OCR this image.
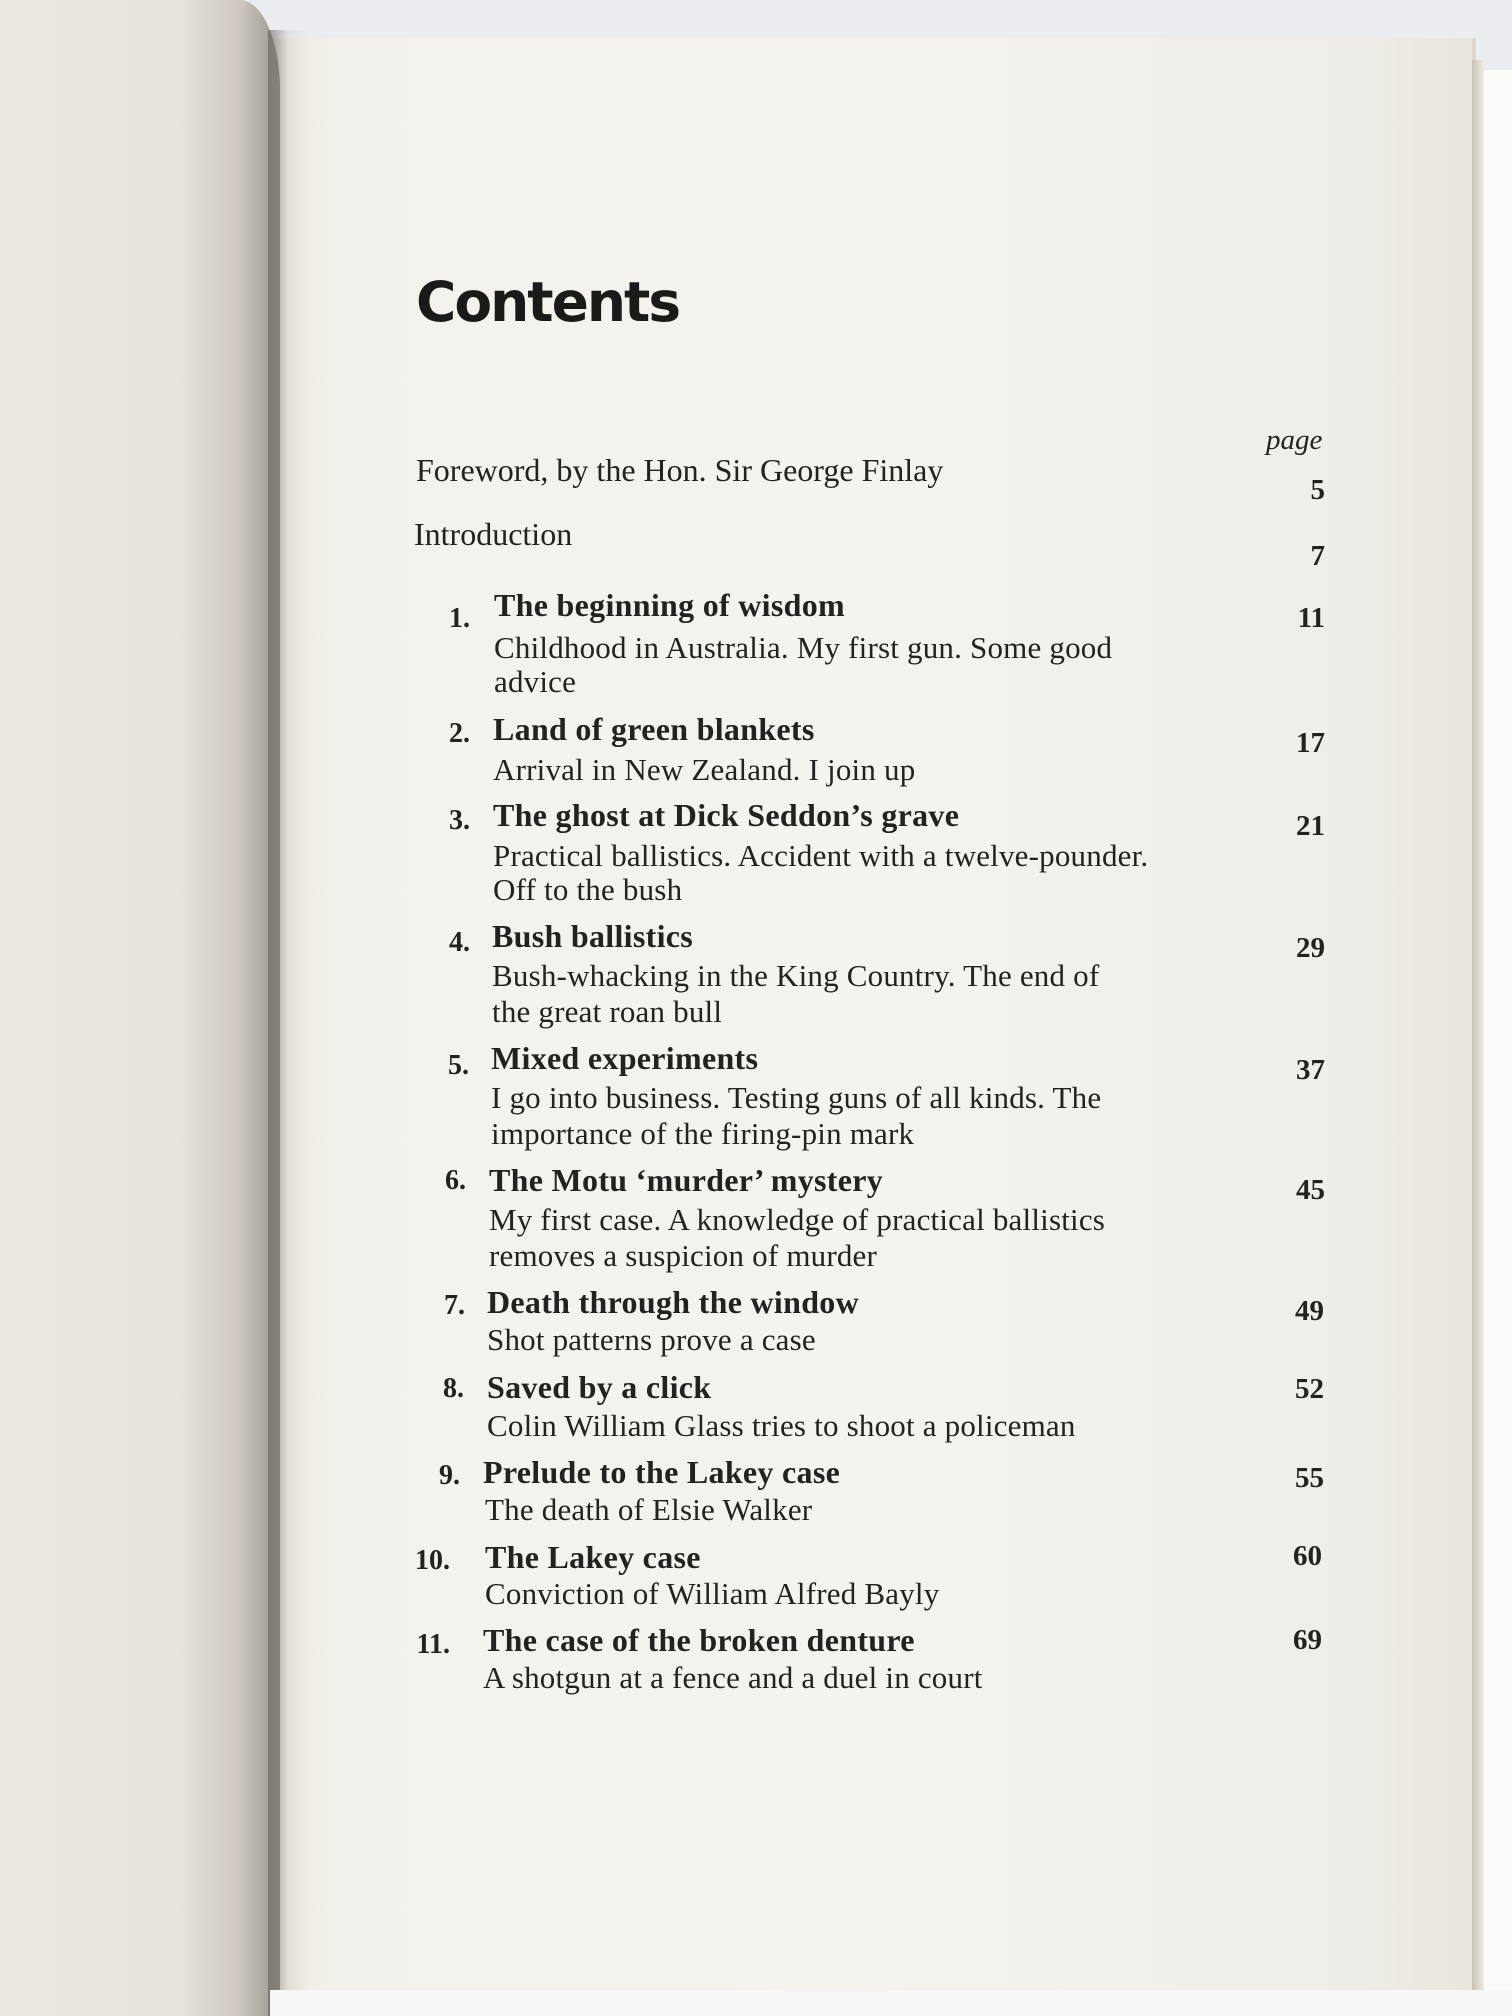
Contents
page
Foreword, by the Hon. Sir George Finlay
5
Introduction
7
1. The beginning of wisdom
Childhood in Australia. My first gun. Some good
advice
11
2. Land of green blankets
Arrival in New Zealand. I join up
17
3. The ghost at Dick Seddon’s grave
Practical ballistics. Accident with a twelve-pounder.
Off to the bush
21
4. Bush ballistics
Bush-whacking in the King Country. The end of
the great roan bull
29
5. Mixed experiments
I go into business. Testing guns of all kinds. The
importance of the firing-pin mark
37
6. The Motu ‘murder’ mystery
My first case. A knowledge of practical ballistics
removes a suspicion of murder
45
7. Death through the window
Shot patterns prove a case
49
8. Saved by a click
Colin William Glass tries to shoot a policeman
52
9. Prelude to the Lakey case
The death of Elsie Walker
55
10. The Lakey case
Conviction of William Alfred Bayly
60
11. The case of the broken denture
A shotgun at a fence and a duel in court
69
